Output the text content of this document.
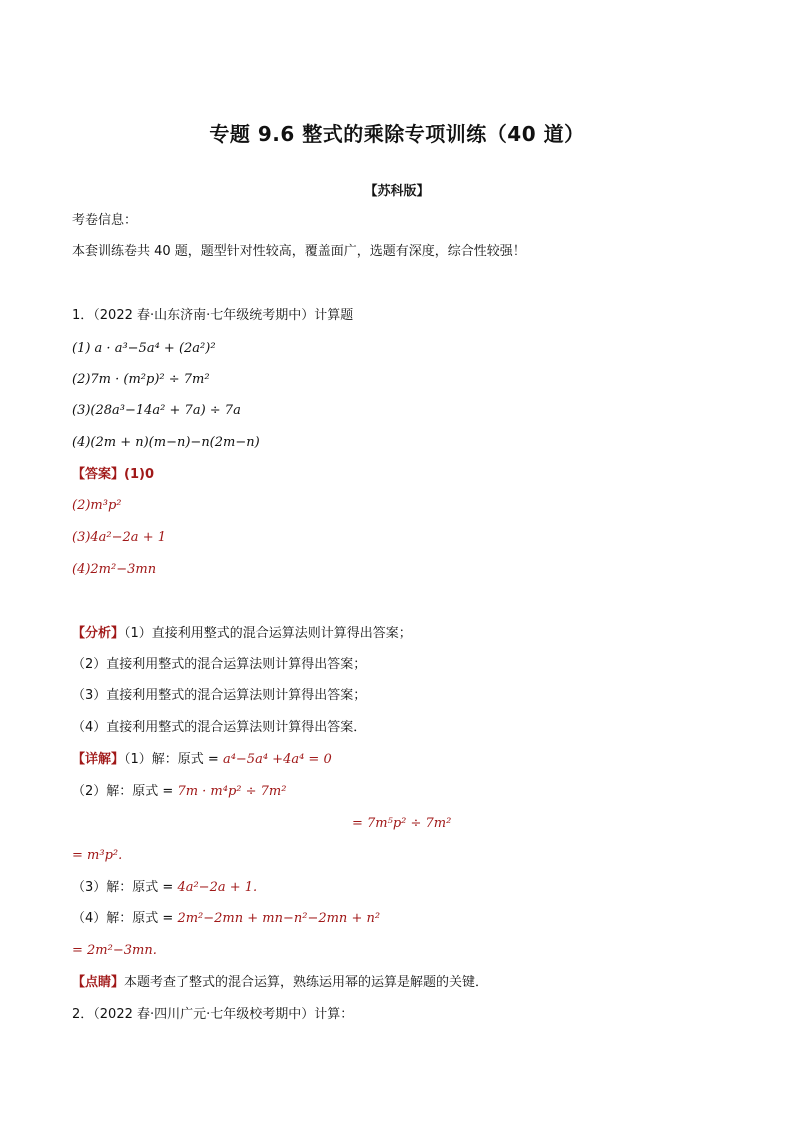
专题 9.6 整式的乘除专项训练（40 道）
【苏科版】
考卷信息：
本套训练卷共 40 题，题型针对性较高，覆盖面广，选题有深度，综合性较强！
1．（2022 春·山东济南·七年级统考期中）计算题
(1) a · a³−5a⁴ + (2a²)²
(2)7m · (m²p)² ÷ 7m²
(3)(28a³−14a² + 7a) ÷ 7a
(4)(2m + n)(m−n)−n(2m−n)
【答案】(1)0
(2)m³p²
(3)4a²−2a + 1
(4)2m²−3mn
【分析】（1）直接利用整式的混合运算法则计算得出答案；
（2）直接利用整式的混合运算法则计算得出答案；
（3）直接利用整式的混合运算法则计算得出答案；
（4）直接利用整式的混合运算法则计算得出答案．
【详解】（1）解：原式 = a⁴−5a⁴ +4a⁴ = 0
（2）解：原式 = 7m · m⁴p² ÷ 7m²
= 7m⁵p² ÷ 7m²
= m³p².
（3）解：原式 = 4a²−2a + 1.
（4）解：原式 = 2m²−2mn + mn−n²−2mn + n²
= 2m²−3mn.
【点睛】本题考查了整式的混合运算，熟练运用幂的运算是解题的关键．
2．（2022 春·四川广元·七年级校考期中）计算：
